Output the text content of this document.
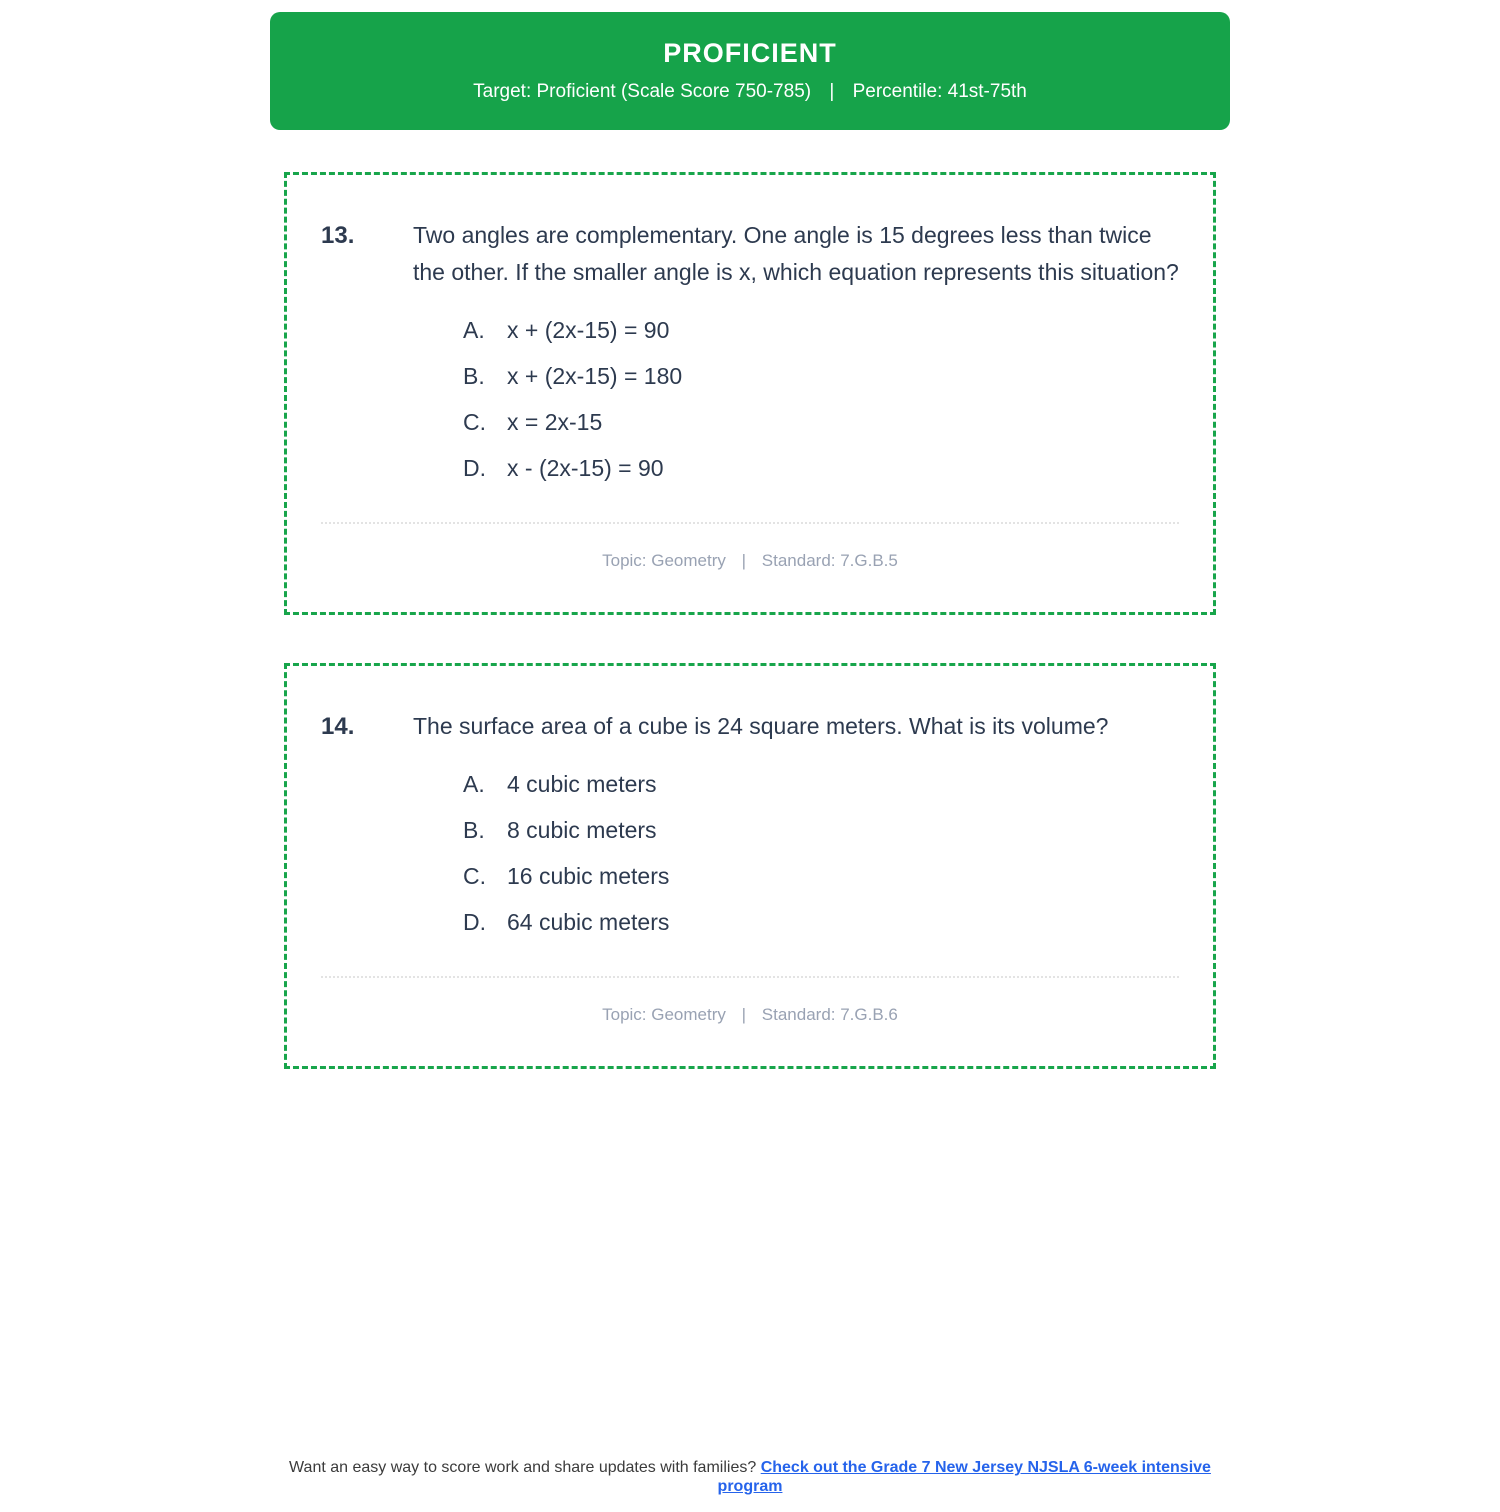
PROFICIENT
Target: Proficient (Scale Score 750-785) | Percentile: 41st-75th
13.	Two angles are complementary. One angle is 15 degrees less than twice the other. If the smaller angle is x, which equation represents this situation?

A. x + (2x-15) = 90
B. x + (2x-15) = 180
C. x = 2x-15
D. x - (2x-15) = 90
Topic: Geometry | Standard: 7.G.B.5
14.	The surface area of a cube is 24 square meters. What is its volume?

A. 4 cubic meters
B. 8 cubic meters
C. 16 cubic meters
D. 64 cubic meters
Topic: Geometry | Standard: 7.G.B.6

Want an easy way to score work and share updates with families? Check out the Grade 7 New Jersey NJSLA 6-week intensive program
